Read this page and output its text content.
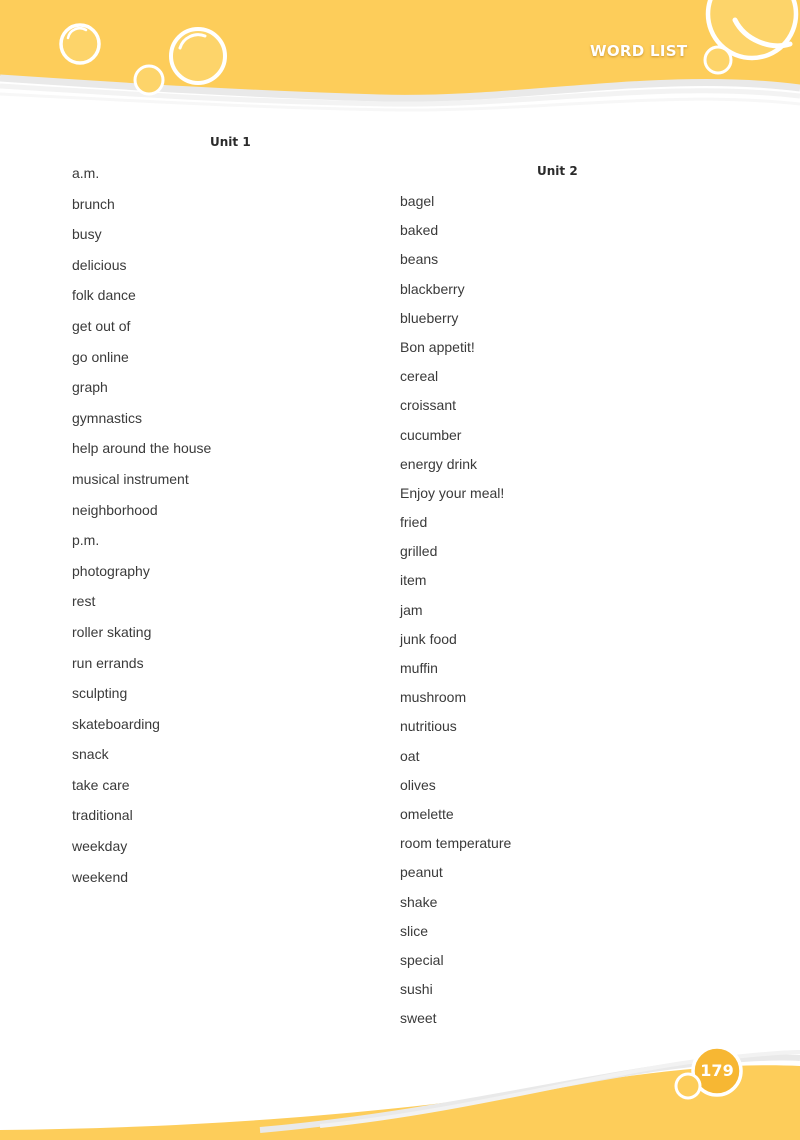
WORD LIST
Unit 1
a.m.
brunch
busy
delicious
folk dance
get out of
go online
graph
gymnastics
help around the house
musical instrument
neighborhood
p.m.
photography
rest
roller skating
run errands
sculpting
skateboarding
snack
take care
traditional
weekday
weekend
Unit 2
bagel
baked
beans
blackberry
blueberry
Bon appetit!
cereal
croissant
cucumber
energy drink
Enjoy your meal!
fried
grilled
item
jam
junk food
muffin
mushroom
nutritious
oat
olives
omelette
room temperature
peanut
shake
slice
special
sushi
sweet
179
